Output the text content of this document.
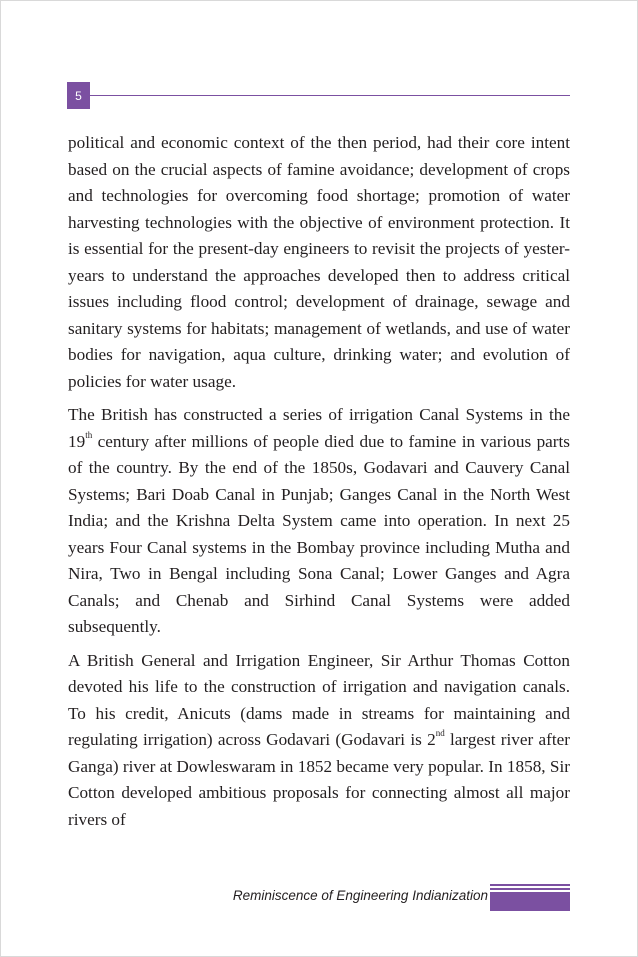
5

political and economic context of the then period, had their core intent based on the crucial aspects of famine avoidance; development of crops and technologies for overcoming food shortage; promotion of water harvesting technologies with the objective of environment protection. It is essential for the present-day engineers to revisit the projects of yester-years to understand the approaches developed then to address critical issues including flood control; development of drainage, sewage and sanitary systems for habitats; management of wetlands, and use of water bodies for navigation, aqua culture, drinking water; and evolution of policies for water usage.

The British has constructed a series of irrigation Canal Systems in the 19th century after millions of people died due to famine in various parts of the country. By the end of the 1850s, Godavari and Cauvery Canal Systems; Bari Doab Canal in Punjab; Ganges Canal in the North West India; and the Krishna Delta System came into operation. In next 25 years Four Canal systems in the Bombay province including Mutha and Nira, Two in Bengal including Sona Canal; Lower Ganges and Agra Canals; and Chenab and Sirhind Canal Systems were added subsequently.

A British General and Irrigation Engineer, Sir Arthur Thomas Cotton devoted his life to the construction of irrigation and navigation canals. To his credit, Anicuts (dams made in streams for maintaining and regulating irrigation) across Godavari (Godavari is 2nd largest river after Ganga) river at Dowleswaram in 1852 became very popular. In 1858, Sir Cotton developed ambitious proposals for connecting almost all major rivers of

Reminiscence of Engineering Indianization
